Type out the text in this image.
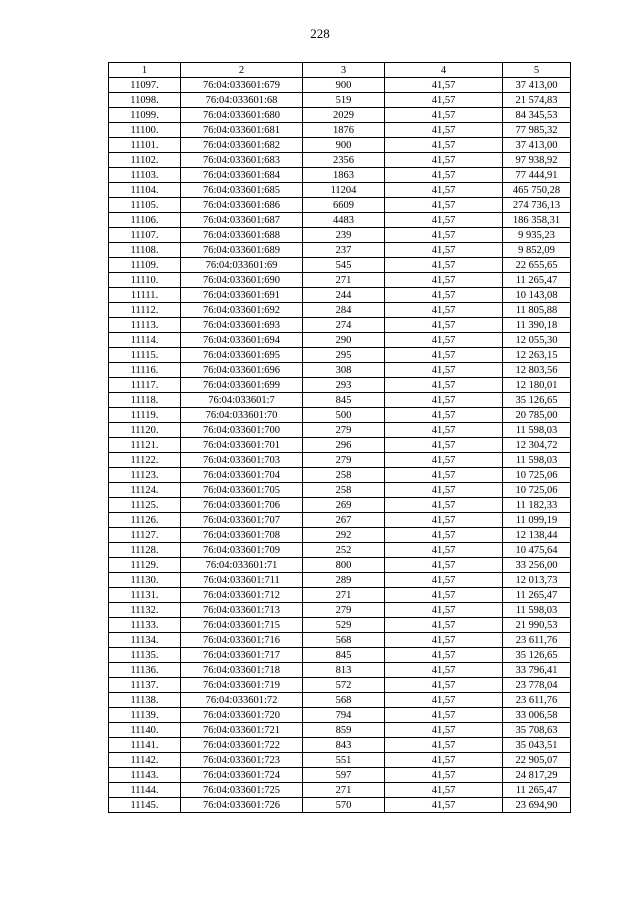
228
1	2	3	4	5
11097.	76:04:033601:679	900	41,57	37 413,00
11098.	76:04:033601:68	519	41,57	21 574,83
11099.	76:04:033601:680	2029	41,57	84 345,53
11100.	76:04:033601:681	1876	41,57	77 985,32
11101.	76:04:033601:682	900	41,57	37 413,00
11102.	76:04:033601:683	2356	41,57	97 938,92
11103.	76:04:033601:684	1863	41,57	77 444,91
11104.	76:04:033601:685	11204	41,57	465 750,28
11105.	76:04:033601:686	6609	41,57	274 736,13
11106.	76:04:033601:687	4483	41,57	186 358,31
11107.	76:04:033601:688	239	41,57	9 935,23
11108.	76:04:033601:689	237	41,57	9 852,09
11109.	76:04:033601:69	545	41,57	22 655,65
11110.	76:04:033601:690	271	41,57	11 265,47
11111.	76:04:033601:691	244	41,57	10 143,08
11112.	76:04:033601:692	284	41,57	11 805,88
11113.	76:04:033601:693	274	41,57	11 390,18
11114.	76:04:033601:694	290	41,57	12 055,30
11115.	76:04:033601:695	295	41,57	12 263,15
11116.	76:04:033601:696	308	41,57	12 803,56
11117.	76:04:033601:699	293	41,57	12 180,01
11118.	76:04:033601:7	845	41,57	35 126,65
11119.	76:04:033601:70	500	41,57	20 785,00
11120.	76:04:033601:700	279	41,57	11 598,03
11121.	76:04:033601:701	296	41,57	12 304,72
11122.	76:04:033601:703	279	41,57	11 598,03
11123.	76:04:033601:704	258	41,57	10 725,06
11124.	76:04:033601:705	258	41,57	10 725,06
11125.	76:04:033601:706	269	41,57	11 182,33
11126.	76:04:033601:707	267	41,57	11 099,19
11127.	76:04:033601:708	292	41,57	12 138,44
11128.	76:04:033601:709	252	41,57	10 475,64
11129.	76:04:033601:71	800	41,57	33 256,00
11130.	76:04:033601:711	289	41,57	12 013,73
11131.	76:04:033601:712	271	41,57	11 265,47
11132.	76:04:033601:713	279	41,57	11 598,03
11133.	76:04:033601:715	529	41,57	21 990,53
11134.	76:04:033601:716	568	41,57	23 611,76
11135.	76:04:033601:717	845	41,57	35 126,65
11136.	76:04:033601:718	813	41,57	33 796,41
11137.	76:04:033601:719	572	41,57	23 778,04
11138.	76:04:033601:72	568	41,57	23 611,76
11139.	76:04:033601:720	794	41,57	33 006,58
11140.	76:04:033601:721	859	41,57	35 708,63
11141.	76:04:033601:722	843	41,57	35 043,51
11142.	76:04:033601:723	551	41,57	22 905,07
11143.	76:04:033601:724	597	41,57	24 817,29
11144.	76:04:033601:725	271	41,57	11 265,47
11145.	76:04:033601:726	570	41,57	23 694,90
